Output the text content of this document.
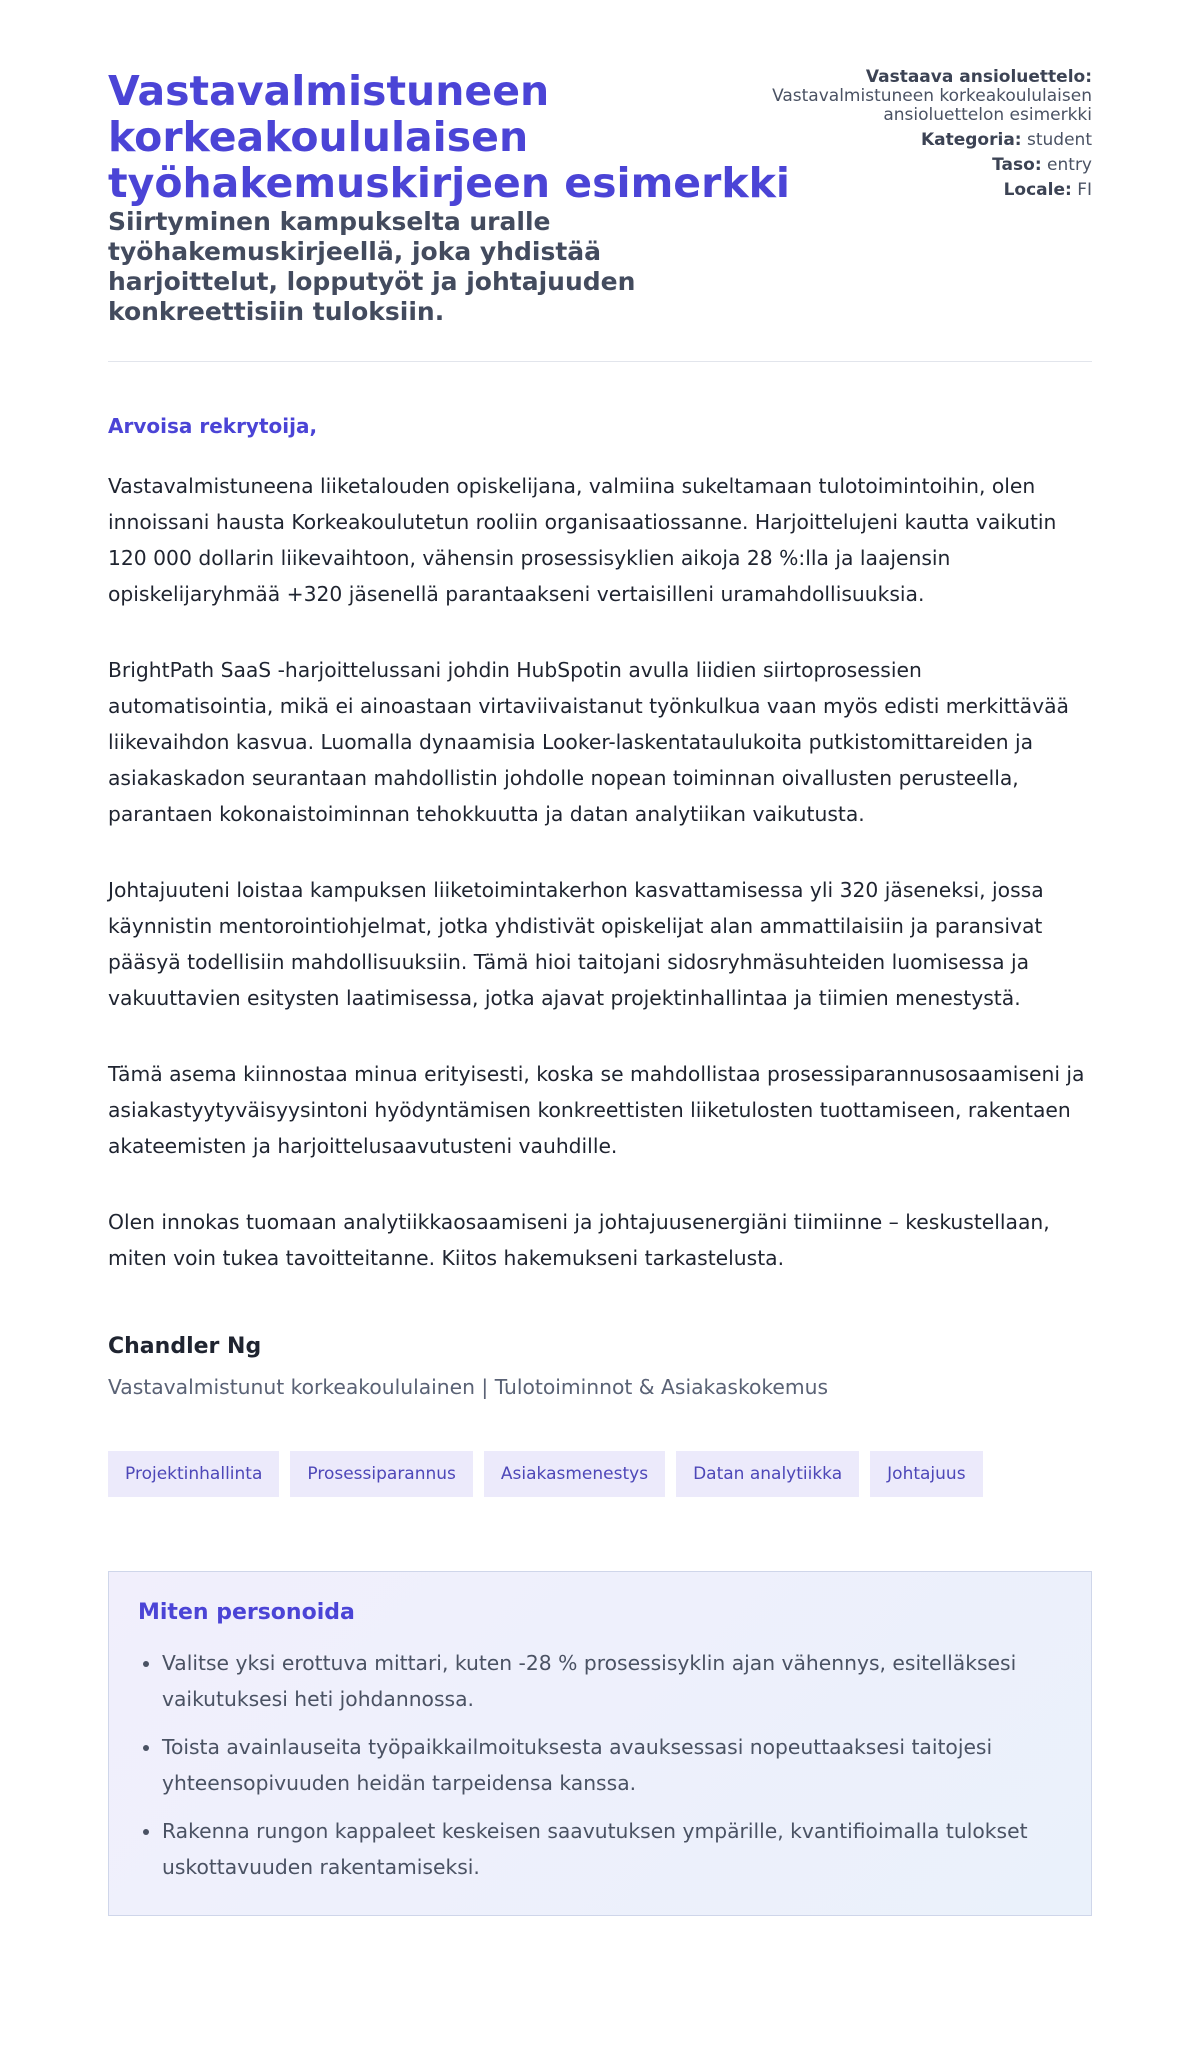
Vastavalmistuneen korkeakoululaisen työhakemuskirjeen esimerkki
Siirtyminen kampukselta uralle työhakemuskirjeellä, joka yhdistää harjoittelut, lopputyöt ja johtajuuden konkreettisiin tuloksiin.
Vastaava ansioluettelo:
Vastavalmistuneen korkeakoululaisen ansioluettelon esimerkki
Kategoria: student
Taso: entry
Locale: FI
Arvoisa rekrytoija,

Vastavalmistuneena liiketalouden opiskelijana, valmiina sukeltamaan tulotoimintoihin, olen innoissani hausta Korkeakoulutetun rooliin organisaatiossanne. Harjoittelujeni kautta vaikutin 120 000 dollarin liikevaihtoon, vähensin prosessisyklien aikoja 28 %:lla ja laajensin opiskelijaryhmää +320 jäsenellä parantaakseni vertaisilleni uramahdollisuuksia.

BrightPath SaaS -harjoittelussani johdin HubSpotin avulla liidien siirtoprosessien automatisointia, mikä ei ainoastaan virtaviivaistanut työnkulkua vaan myös edisti merkittävää liikevaihdon kasvua. Luomalla dynaamisia Looker-laskentataulukoita putkistomittareiden ja asiakaskadon seurantaan mahdollistin johdolle nopean toiminnan oivallusten perusteella, parantaen kokonaistoiminnan tehokkuutta ja datan analytiikan vaikutusta.

Johtajuuteni loistaa kampuksen liiketoimintakerhon kasvattamisessa yli 320 jäseneksi, jossa käynnistin mentorointiohjelmat, jotka yhdistivät opiskelijat alan ammattilaisiin ja paransivat pääsyä todellisiin mahdollisuuksiin. Tämä hioi taitojani sidosryhmäsuhteiden luomisessa ja vakuuttavien esitysten laatimisessa, jotka ajavat projektinhallintaa ja tiimien menestystä.

Tämä asema kiinnostaa minua erityisesti, koska se mahdollistaa prosessiparannusosaamiseni ja asiakastyytyväisyysintoni hyödyntämisen konkreettisten liiketulosten tuottamiseen, rakentaen akateemisten ja harjoittelusaavutusteni vauhdille.

Olen innokas tuomaan analytiikkaosaamiseni ja johtajuusenergiäni tiimiinne – keskustellaan, miten voin tukea tavoitteitanne. Kiitos hakemukseni tarkastelusta.

Chandler Ng
Vastavalmistunut korkeakoululainen | Tulotoiminnot & Asiakaskokemus
Projektinhallinta	Prosessiparannus	Asiakasmenestys	Datan analytiikka	Johtajuus
Miten personoida
• Valitse yksi erottuva mittari, kuten -28 % prosessisyklin ajan vähennys, esitelläksesi vaikutuksesi heti johdannossa.
• Toista avainlauseita työpaikkailmoituksesta avauksessasi nopeuttaaksesi taitojesi yhteensopivuuden heidän tarpeidensa kanssa.
• Rakenna rungon kappaleet keskeisen saavutuksen ympärille, kvantifioimalla tulokset uskottavuuden rakentamiseksi.
